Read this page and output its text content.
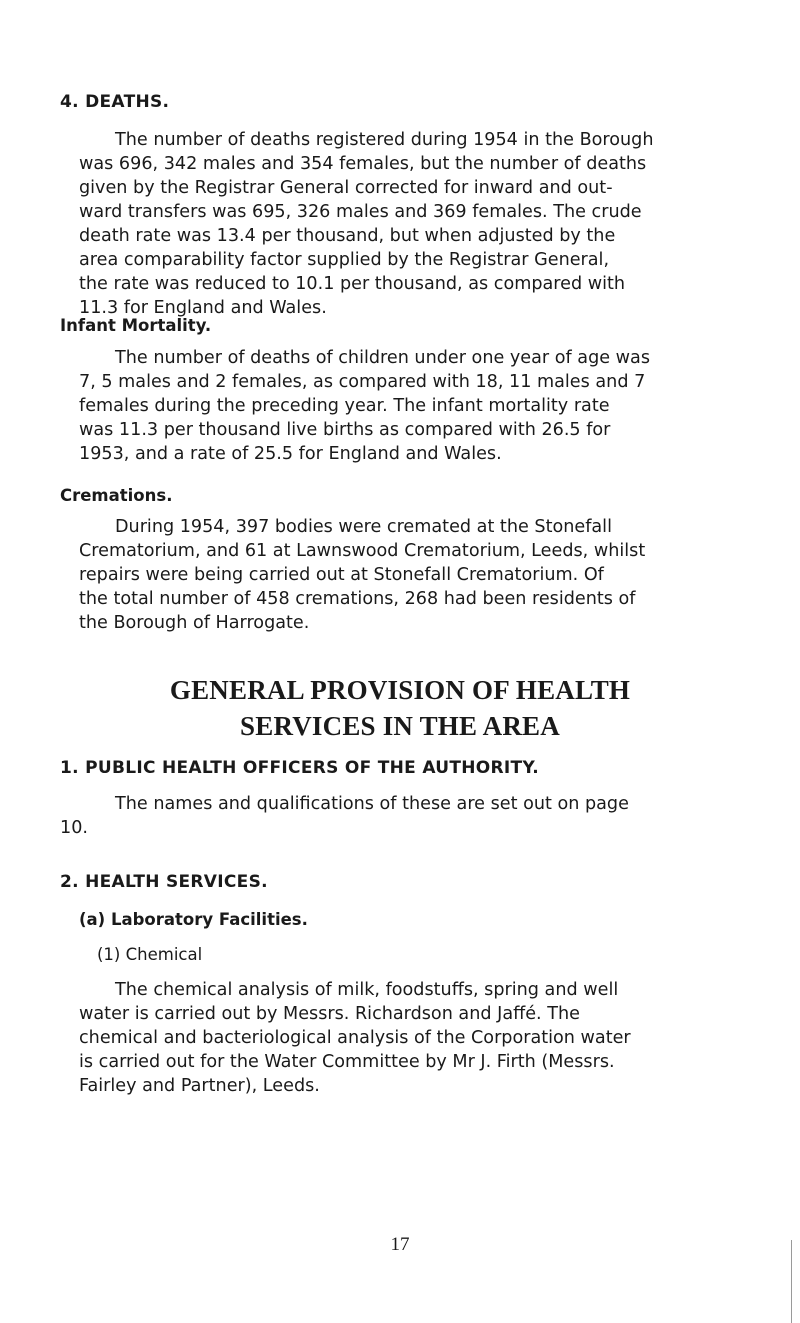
4. DEATHS.

The number of deaths registered during 1954 in the Borough
was 696, 342 males and 354 females, but the number of deaths
given by the Registrar General corrected for inward and out-
ward transfers was 695, 326 males and 369 females. The crude
death rate was 13.4 per thousand, but when adjusted by the
area comparability factor supplied by the Registrar General,
the rate was reduced to 10.1 per thousand, as compared with
11.3 for England and Wales.

Infant Mortality.

The number of deaths of children under one year of age was
7, 5 males and 2 females, as compared with 18, 11 males and 7
females during the preceding year. The infant mortality rate
was 11.3 per thousand live births as compared with 26.5 for
1953, and a rate of 25.5 for England and Wales.

Cremations.

During 1954, 397 bodies were cremated at the Stonefall
Crematorium, and 61 at Lawnswood Crematorium, Leeds, whilst
repairs were being carried out at Stonefall Crematorium. Of
the total number of 458 cremations, 268 had been residents of
the Borough of Harrogate.

GENERAL PROVISION OF HEALTH
SERVICES IN THE AREA
1. PUBLIC HEALTH OFFICERS OF THE AUTHORITY.

The names and qualifications of these are set out on page
10.

2. HEALTH SERVICES.
(a) Laboratory Facilities.
(1) Chemical

The chemical analysis of milk, foodstuffs, spring and well
water is carried out by Messrs. Richardson and Jaffé. The
chemical and bacteriological analysis of the Corporation water
is carried out for the Water Committee by Mr J. Firth (Messrs.
Fairley and Partner), Leeds.

17
